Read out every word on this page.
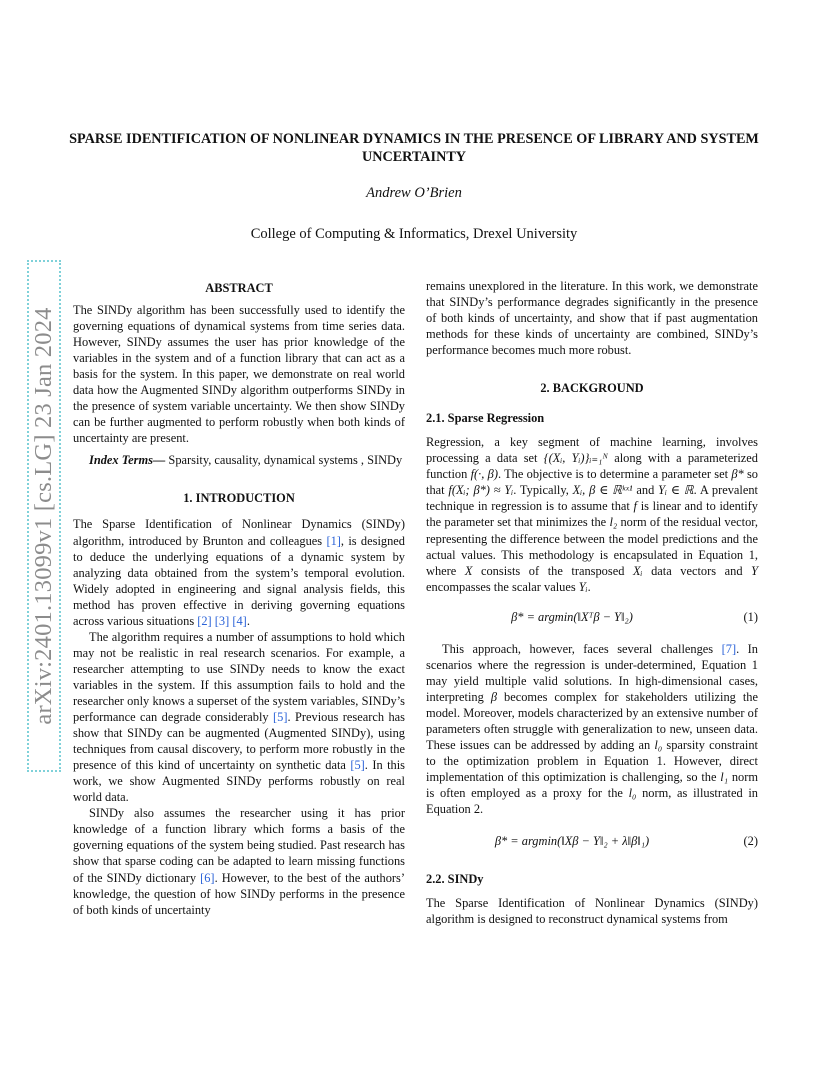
arXiv:2401.13099v1 [cs.LG] 23 Jan 2024
SPARSE IDENTIFICATION OF NONLINEAR DYNAMICS IN THE PRESENCE OF LIBRARY AND SYSTEM UNCERTAINTY
Andrew O’Brien
College of Computing & Informatics, Drexel University
ABSTRACT

The SINDy algorithm has been successfully used to identify the governing equations of dynamical systems from time series data. However, SINDy assumes the user has prior knowledge of the variables in the system and of a function library that can act as a basis for the system. In this paper, we demonstrate on real world data how the Augmented SINDy algorithm outperforms SINDy in the presence of system variable uncertainty. We then show SINDy can be further augmented to perform robustly when both kinds of uncertainty are present.

Index Terms— Sparsity, causality, dynamical systems , SINDy

1. INTRODUCTION

The Sparse Identification of Nonlinear Dynamics (SINDy) algorithm, introduced by Brunton and colleagues [1], is designed to deduce the underlying equations of a dynamic system by analyzing data obtained from the system’s temporal evolution. Widely adopted in engineering and signal analysis fields, this method has proven effective in deriving governing equations across various situations [2] [3] [4].

The algorithm requires a number of assumptions to hold which may not be realistic in real research scenarios. For example, a researcher attempting to use SINDy needs to know the exact variables in the system. If this assumption fails to hold and the researcher only knows a superset of the system variables, SINDy’s performance can degrade considerably [5]. Previous research has show that SINDy can be augmented (Augmented SINDy), using techniques from causal discovery, to perform more robustly in the presence of this kind of uncertainty on synthetic data [5]. In this work, we show Augmented SINDy performs robustly on real world data.

SINDy also assumes the researcher using it has prior knowledge of a function library which forms a basis of the governing equations of the system being studied. Past research has show that sparse coding can be adapted to learn missing functions of the SINDy dictionary [6]. However, to the best of the authors’ knowledge, the question of how SINDy performs in the presence of both kinds of uncertainty

remains unexplored in the literature. In this work, we demonstrate that SINDy’s performance degrades significantly in the presence of both kinds of uncertainty, and show that if past augmentation methods for these kinds of uncertainty are combined, SINDy’s performance becomes much more robust.

2. BACKGROUND
2.1. Sparse Regression

Regression, a key segment of machine learning, involves processing a data set {(Xᵢ, Yᵢ)}ᵢ₌₁ᴺ along with a parameterized function f(·, β). The objective is to determine a parameter set β* so that f(Xᵢ; β*) ≈ Yᵢ. Typically, Xᵢ, β ∈ ℝᵏˣ¹ and Yᵢ ∈ ℝ. A prevalent technique in regression is to assume that f is linear and to identify the parameter set that minimizes the l₂ norm of the residual vector, representing the difference between the model predictions and the actual values. This methodology is encapsulated in Equation 1, where X consists of the transposed Xᵢ data vectors and Y encompasses the scalar values Yᵢ.

β* = argmin(‖Xᵀβ − Y‖₂)	(1)

This approach, however, faces several challenges [7]. In scenarios where the regression is under-determined, Equation 1 may yield multiple valid solutions. In high-dimensional cases, interpreting β becomes complex for stakeholders utilizing the model. Moreover, models characterized by an extensive number of parameters often struggle with generalization to new, unseen data. These issues can be addressed by adding an l₀ sparsity constraint to the optimization problem in Equation 1. However, direct implementation of this optimization is challenging, so the l₁ norm is often employed as a proxy for the l₀ norm, as illustrated in Equation 2.

β* = argmin(‖Xβ − Y‖₂ + λ‖β‖₁)	(2)
2.2. SINDy

The Sparse Identification of Nonlinear Dynamics (SINDy) algorithm is designed to reconstruct dynamical systems from
